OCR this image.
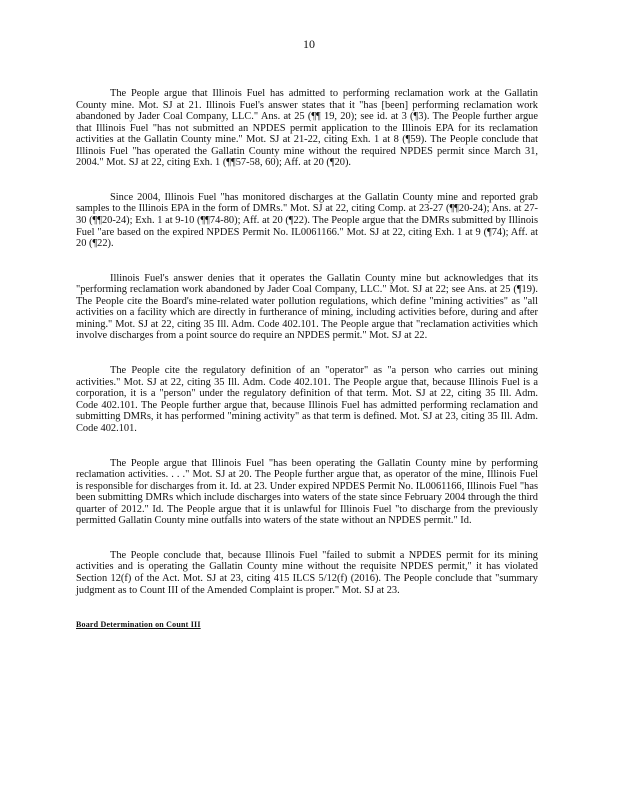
10

The People argue that Illinois Fuel has admitted to performing reclamation work at the Gallatin County mine. Mot. SJ at 21. Illinois Fuel's answer states that it "has [been] performing reclamation work abandoned by Jader Coal Company, LLC." Ans. at 25 (¶¶ 19, 20); see id. at 3 (¶3). The People further argue that Illinois Fuel "has not submitted an NPDES permit application to the Illinois EPA for its reclamation activities at the Gallatin County mine." Mot. SJ at 21-22, citing Exh. 1 at 8 (¶59). The People conclude that Illinois Fuel "has operated the Gallatin County mine without the required NPDES permit since March 31, 2004." Mot. SJ at 22, citing Exh. 1 (¶¶57-58, 60); Aff. at 20 (¶20).

Since 2004, Illinois Fuel "has monitored discharges at the Gallatin County mine and reported grab samples to the Illinois EPA in the form of DMRs." Mot. SJ at 22, citing Comp. at 23-27 (¶¶20-24); Ans. at 27-30 (¶¶20-24); Exh. 1 at 9-10 (¶¶74-80); Aff. at 20 (¶22). The People argue that the DMRs submitted by Illinois Fuel "are based on the expired NPDES Permit No. IL0061166." Mot. SJ at 22, citing Exh. 1 at 9 (¶74); Aff. at 20 (¶22).

Illinois Fuel's answer denies that it operates the Gallatin County mine but acknowledges that its "performing reclamation work abandoned by Jader Coal Company, LLC." Mot. SJ at 22; see Ans. at 25 (¶19). The People cite the Board's mine-related water pollution regulations, which define "mining activities" as "all activities on a facility which are directly in furtherance of mining, including activities before, during and after mining." Mot. SJ at 22, citing 35 Ill. Adm. Code 402.101. The People argue that "reclamation activities which involve discharges from a point source do require an NPDES permit." Mot. SJ at 22.

The People cite the regulatory definition of an "operator" as "a person who carries out mining activities." Mot. SJ at 22, citing 35 Ill. Adm. Code 402.101. The People argue that, because Illinois Fuel is a corporation, it is a "person" under the regulatory definition of that term. Mot. SJ at 22, citing 35 Ill. Adm. Code 402.101. The People further argue that, because Illinois Fuel has admitted performing reclamation and submitting DMRs, it has performed "mining activity" as that term is defined. Mot. SJ at 23, citing 35 Ill. Adm. Code 402.101.

The People argue that Illinois Fuel "has been operating the Gallatin County mine by performing reclamation activities. . . ." Mot. SJ at 20. The People further argue that, as operator of the mine, Illinois Fuel is responsible for discharges from it. Id. at 23. Under expired NPDES Permit No. IL0061166, Illinois Fuel "has been submitting DMRs which include discharges into waters of the state since February 2004 through the third quarter of 2012." Id. The People argue that it is unlawful for Illinois Fuel "to discharge from the previously permitted Gallatin County mine outfalls into waters of the state without an NPDES permit." Id.

The People conclude that, because Illinois Fuel "failed to submit a NPDES permit for its mining activities and is operating the Gallatin County mine without the requisite NPDES permit," it has violated Section 12(f) of the Act. Mot. SJ at 23, citing 415 ILCS 5/12(f) (2016). The People conclude that "summary judgment as to Count III of the Amended Complaint is proper." Mot. SJ at 23.

Board Determination on Count III
